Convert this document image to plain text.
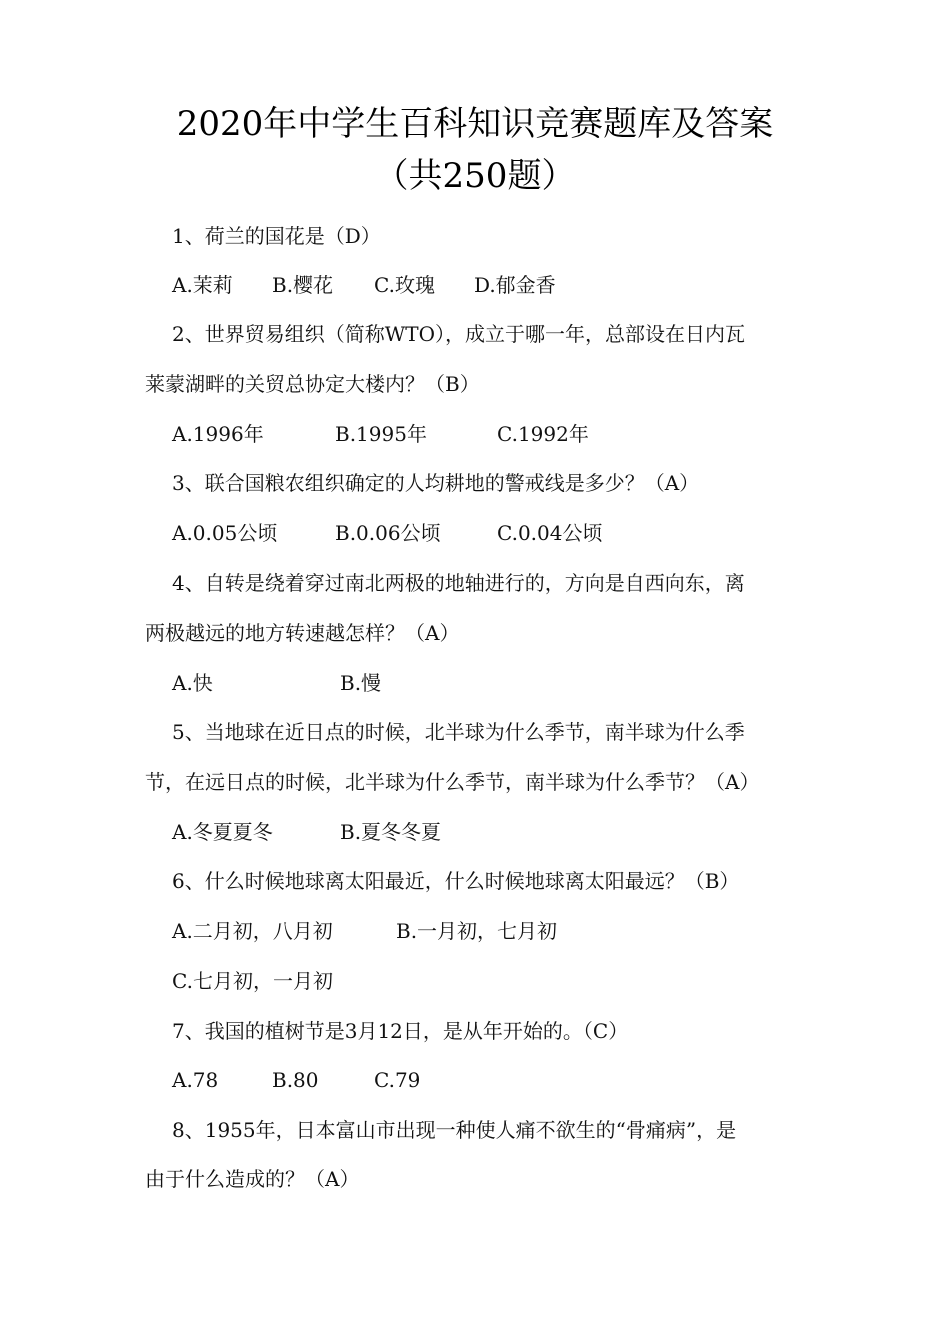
2020年中学生百科知识竞赛题库及答案
（共250题）
1、荷兰的国花是（D）
A.茉莉 B.樱花 C.玫瑰 D.郁金香
2、世界贸易组织（简称WTO），成立于哪一年，总部设在日内瓦
莱蒙湖畔的关贸总协定大楼内？（B）
A.1996年	B.1995年	C.1992年
3、联合国粮农组织确定的人均耕地的警戒线是多少？（A）
A.0.05公顷	B.0.06公顷	C.0.04公顷
4、自转是绕着穿过南北两极的地轴进行的，方向是自西向东，离
两极越远的地方转速越怎样？（A）
A.快	B.慢
5、当地球在近日点的时候，北半球为什么季节，南半球为什么季
节，在远日点的时候，北半球为什么季节，南半球为什么季节？（A）
A.冬夏夏冬	B.夏冬冬夏
6、什么时候地球离太阳最近，什么时候地球离太阳最远？（B）
A.二月初，八月初	B.一月初，七月初
C.七月初，一月初
7、我国的植树节是3月12日，是从年开始的。（C）
A.78	B.80	C.79
8、1955年，日本富山市出现一种使人痛不欲生的“骨痛病”，是
由于什么造成的？（A）
